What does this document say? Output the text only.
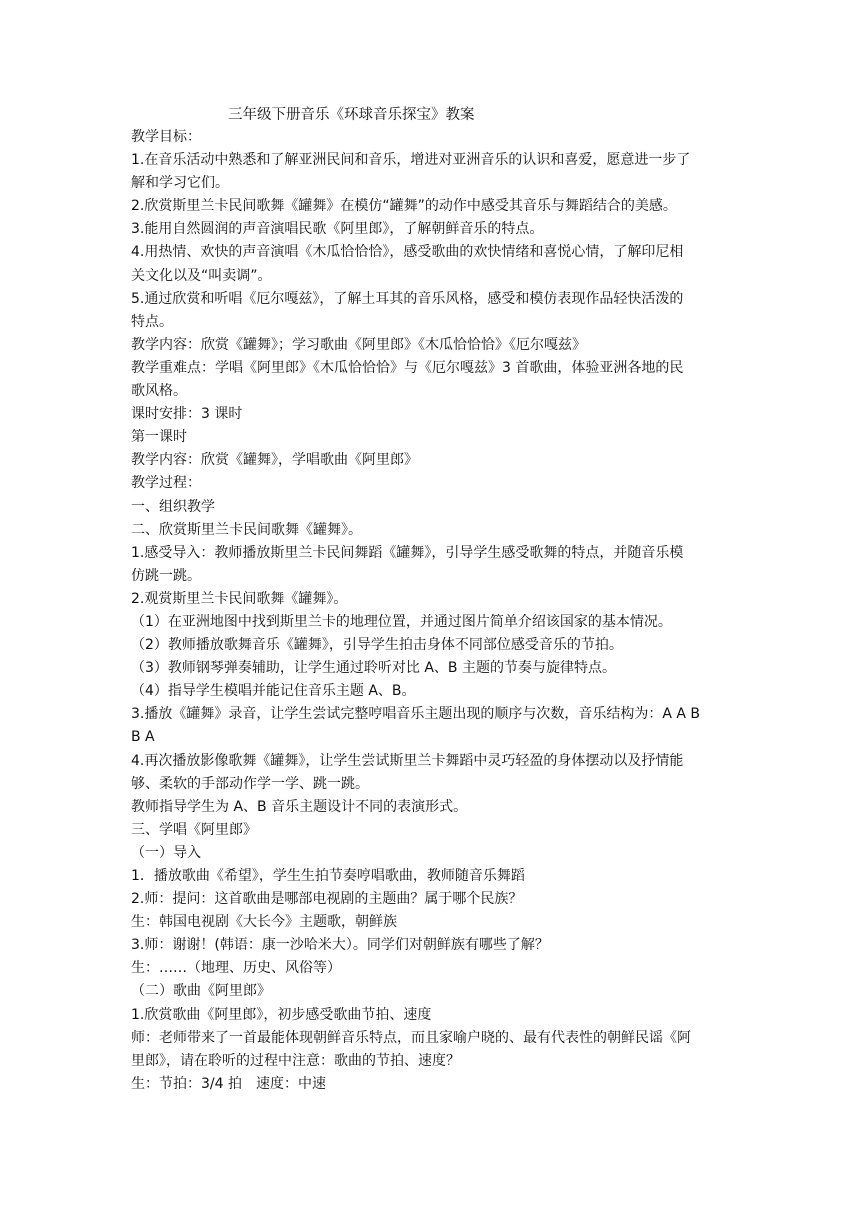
三年级下册音乐《环球音乐探宝》教案
教学目标：
1.在音乐活动中熟悉和了解亚洲民间和音乐，增进对亚洲音乐的认识和喜爱，愿意进一步了
解和学习它们。
2.欣赏斯里兰卡民间歌舞《罐舞》在模仿“罐舞”的动作中感受其音乐与舞蹈结合的美感。
3.能用自然圆润的声音演唱民歌《阿里郎》，了解朝鲜音乐的特点。
4.用热情、欢快的声音演唱《木瓜恰恰恰》，感受歌曲的欢快情绪和喜悦心情，了解印尼相
关文化以及“叫卖调”。
5.通过欣赏和听唱《厄尔嘎兹》，了解土耳其的音乐风格，感受和模仿表现作品轻快活泼的
特点。
教学内容：欣赏《罐舞》；学习歌曲《阿里郎》《木瓜恰恰恰》《厄尔嘎兹》
教学重难点：学唱《阿里郎》《木瓜恰恰恰》与《厄尔嘎兹》3 首歌曲，体验亚洲各地的民
歌风格。
课时安排：3 课时
第一课时
教学内容：欣赏《罐舞》，学唱歌曲《阿里郎》
教学过程：
一、组织教学
二、欣赏斯里兰卡民间歌舞《罐舞》。
1.感受导入：教师播放斯里兰卡民间舞蹈《罐舞》，引导学生感受歌舞的特点，并随音乐模
仿跳一跳。
2.观赏斯里兰卡民间歌舞《罐舞》。
（1）在亚洲地图中找到斯里兰卡的地理位置，并通过图片简单介绍该国家的基本情况。
（2）教师播放歌舞音乐《罐舞》，引导学生拍击身体不同部位感受音乐的节拍。
（3）教师钢琴弹奏辅助，让学生通过聆听对比 A、B 主题的节奏与旋律特点。
（4）指导学生模唱并能记住音乐主题 A、B。
3.播放《罐舞》录音，让学生尝试完整哼唱音乐主题出现的顺序与次数，音乐结构为：A A B
B A
4.再次播放影像歌舞《罐舞》，让学生尝试斯里兰卡舞蹈中灵巧轻盈的身体摆动以及抒情能
够、柔软的手部动作学一学、跳一跳。
教师指导学生为 A、B 音乐主题设计不同的表演形式。
三、学唱《阿里郎》
（一）导入
1．播放歌曲《希望》，学生生拍节奏哼唱歌曲，教师随音乐舞蹈
2.师：提问：这首歌曲是哪部电视剧的主题曲？属于哪个民族？
生：韩国电视剧《大长今》主题歌，朝鲜族
3.师：谢谢！(韩语：康一沙哈米大）。同学们对朝鲜族有哪些了解？
生：……（地理、历史、风俗等）
（二）歌曲《阿里郎》
1.欣赏歌曲《阿里郎》，初步感受歌曲节拍、速度
师：老师带来了一首最能体现朝鲜音乐特点，而且家喻户晓的、最有代表性的朝鲜民谣《阿
里郎》，请在聆听的过程中注意：歌曲的节拍、速度？
生：节拍：3/4 拍　速度：中速
